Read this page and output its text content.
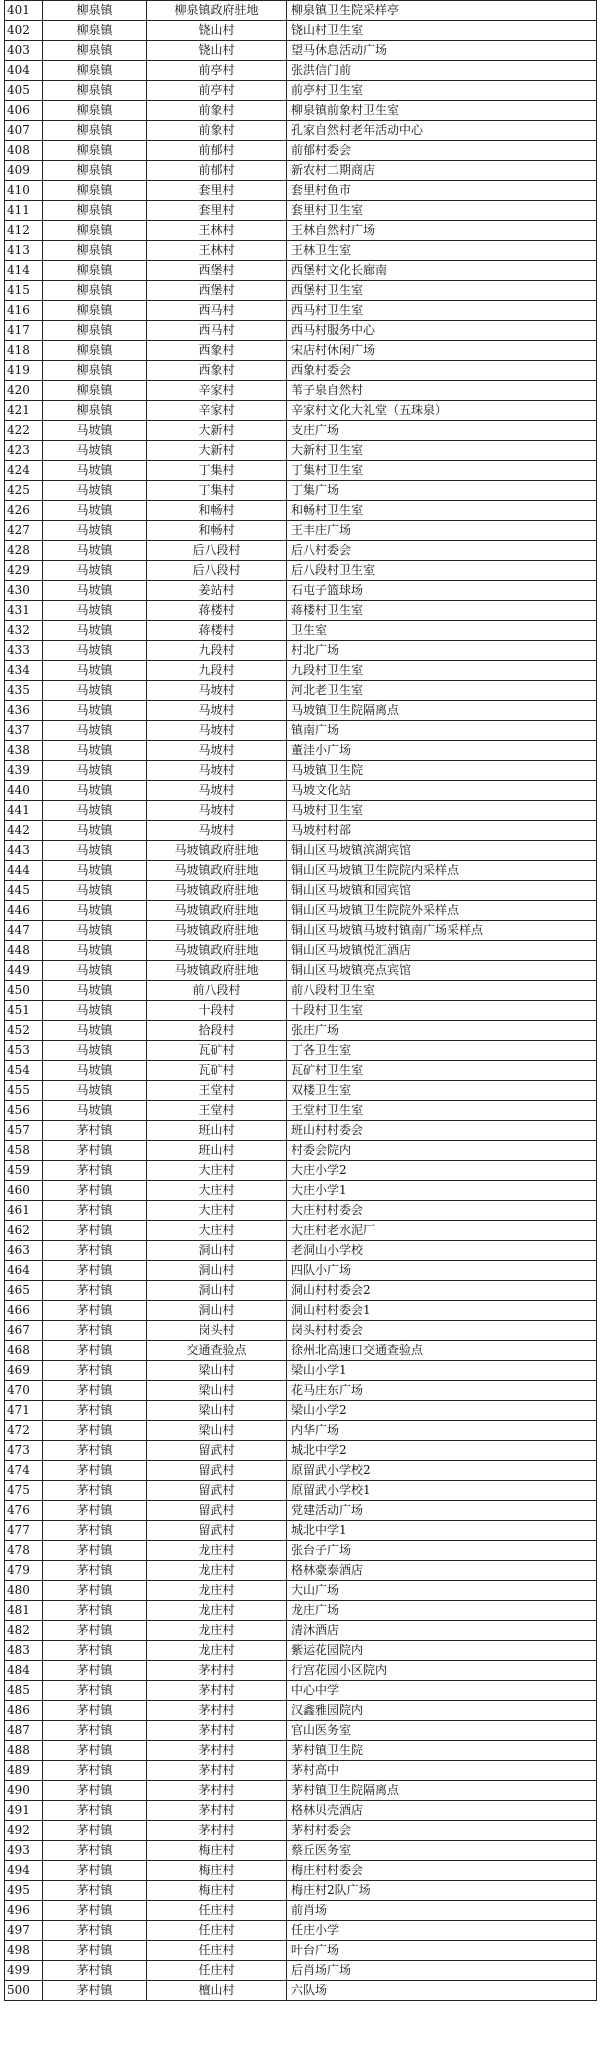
401	柳泉镇	柳泉镇政府驻地	柳泉镇卫生院采样亭
402	柳泉镇	铙山村	铙山村卫生室
403	柳泉镇	铙山村	望马休息活动广场
404	柳泉镇	前亭村	张洪信门前
405	柳泉镇	前亭村	前亭村卫生室
406	柳泉镇	前象村	柳泉镇前象村卫生室
407	柳泉镇	前象村	孔家自然村老年活动中心
408	柳泉镇	前郁村	前郁村委会
409	柳泉镇	前郁村	新农村二期商店
410	柳泉镇	套里村	套里村鱼市
411	柳泉镇	套里村	套里村卫生室
412	柳泉镇	王林村	王林自然村广场
413	柳泉镇	王林村	王林卫生室
414	柳泉镇	西堡村	西堡村文化长廊南
415	柳泉镇	西堡村	西堡村卫生室
416	柳泉镇	西马村	西马村卫生室
417	柳泉镇	西马村	西马村服务中心
418	柳泉镇	西象村	宋店村休闲广场
419	柳泉镇	西象村	西象村委会
420	柳泉镇	辛家村	苇子泉自然村
421	柳泉镇	辛家村	辛家村文化大礼堂（五珠泉）
422	马坡镇	大新村	支庄广场
423	马坡镇	大新村	大新村卫生室
424	马坡镇	丁集村	丁集村卫生室
425	马坡镇	丁集村	丁集广场
426	马坡镇	和畅村	和畅村卫生室
427	马坡镇	和畅村	王丰庄广场
428	马坡镇	后八段村	后八村委会
429	马坡镇	后八段村	后八段村卫生室
430	马坡镇	姜站村	石屯子篮球场
431	马坡镇	蒋楼村	蒋楼村卫生室
432	马坡镇	蒋楼村	卫生室
433	马坡镇	九段村	村北广场
434	马坡镇	九段村	九段村卫生室
435	马坡镇	马坡村	河北老卫生室
436	马坡镇	马坡村	马坡镇卫生院隔离点
437	马坡镇	马坡村	镇南广场
438	马坡镇	马坡村	董洼小广场
439	马坡镇	马坡村	马坡镇卫生院
440	马坡镇	马坡村	马坡文化站
441	马坡镇	马坡村	马坡村卫生室
442	马坡镇	马坡村	马坡村村部
443	马坡镇	马坡镇政府驻地	铜山区马坡镇滨湖宾馆
444	马坡镇	马坡镇政府驻地	铜山区马坡镇卫生院院内采样点
445	马坡镇	马坡镇政府驻地	铜山区马坡镇和园宾馆
446	马坡镇	马坡镇政府驻地	铜山区马坡镇卫生院院外采样点
447	马坡镇	马坡镇政府驻地	铜山区马坡镇马坡村镇南广场采样点
448	马坡镇	马坡镇政府驻地	铜山区马坡镇悦汇酒店
449	马坡镇	马坡镇政府驻地	铜山区马坡镇亮点宾馆
450	马坡镇	前八段村	前八段村卫生室
451	马坡镇	十段村	十段村卫生室
452	马坡镇	拾段村	张庄广场
453	马坡镇	瓦矿村	丁各卫生室
454	马坡镇	瓦矿村	瓦矿村卫生室
455	马坡镇	王堂村	双楼卫生室
456	马坡镇	王堂村	王堂村卫生室
457	茅村镇	班山村	班山村村委会
458	茅村镇	班山村	村委会院内
459	茅村镇	大庄村	大庄小学2
460	茅村镇	大庄村	大庄小学1
461	茅村镇	大庄村	大庄村村委会
462	茅村镇	大庄村	大庄村老水泥厂
463	茅村镇	洞山村	老洞山小学校
464	茅村镇	洞山村	四队小广场
465	茅村镇	洞山村	洞山村村委会2
466	茅村镇	洞山村	洞山村村委会1
467	茅村镇	岗头村	岗头村村委会
468	茅村镇	交通查验点	徐州北高速口交通查验点
469	茅村镇	梁山村	梁山小学1
470	茅村镇	梁山村	花马庄东广场
471	茅村镇	梁山村	梁山小学2
472	茅村镇	梁山村	内华广场
473	茅村镇	留武村	城北中学2
474	茅村镇	留武村	原留武小学校2
475	茅村镇	留武村	原留武小学校1
476	茅村镇	留武村	党建活动广场
477	茅村镇	留武村	城北中学1
478	茅村镇	龙庄村	张台子广场
479	茅村镇	龙庄村	格林豪泰酒店
480	茅村镇	龙庄村	大山广场
481	茅村镇	龙庄村	龙庄广场
482	茅村镇	龙庄村	清沐酒店
483	茅村镇	龙庄村	紫运花园院内
484	茅村镇	茅村村	行宫花园小区院内
485	茅村镇	茅村村	中心中学
486	茅村镇	茅村村	汉鑫雅园院内
487	茅村镇	茅村村	官山医务室
488	茅村镇	茅村村	茅村镇卫生院
489	茅村镇	茅村村	茅村高中
490	茅村镇	茅村村	茅村镇卫生院隔离点
491	茅村镇	茅村村	格林贝壳酒店
492	茅村镇	茅村村	茅村村委会
493	茅村镇	梅庄村	蔡丘医务室
494	茅村镇	梅庄村	梅庄村村委会
495	茅村镇	梅庄村	梅庄村2队广场
496	茅村镇	任庄村	前肖场
497	茅村镇	任庄村	任庄小学
498	茅村镇	任庄村	叶台广场
499	茅村镇	任庄村	后肖场广场
500	茅村镇	檀山村	六队场
